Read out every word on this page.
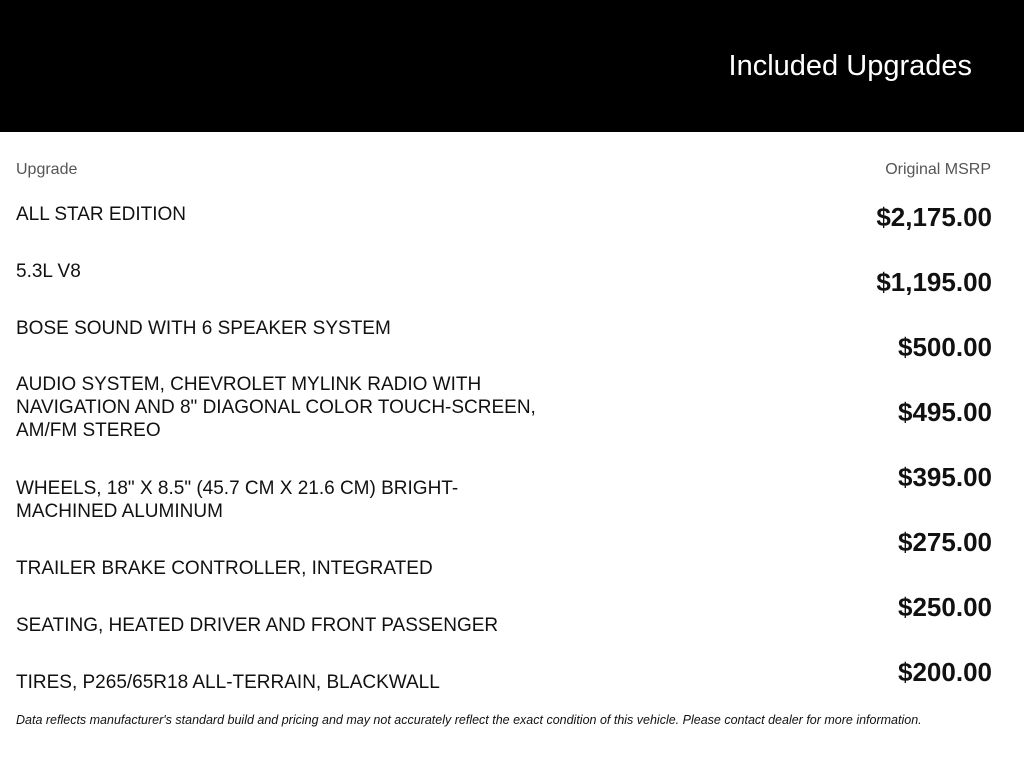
Included Upgrades
Upgrade	Original MSRP
ALL STAR EDITION
5.3L V8
BOSE SOUND WITH 6 SPEAKER SYSTEM
AUDIO SYSTEM, CHEVROLET MYLINK RADIO WITH NAVIGATION AND 8" DIAGONAL COLOR TOUCH-SCREEN, AM/FM STEREO
WHEELS, 18" X 8.5" (45.7 CM X 21.6 CM) BRIGHT-MACHINED ALUMINUM
TRAILER BRAKE CONTROLLER, INTEGRATED
SEATING, HEATED DRIVER AND FRONT PASSENGER
TIRES, P265/65R18 ALL-TERRAIN, BLACKWALL
$2,175.00
$1,195.00
$500.00
$495.00
$395.00
$275.00
$250.00
$200.00
Data reflects manufacturer's standard build and pricing and may not accurately reflect the exact condition of this vehicle. Please contact dealer for more information.
